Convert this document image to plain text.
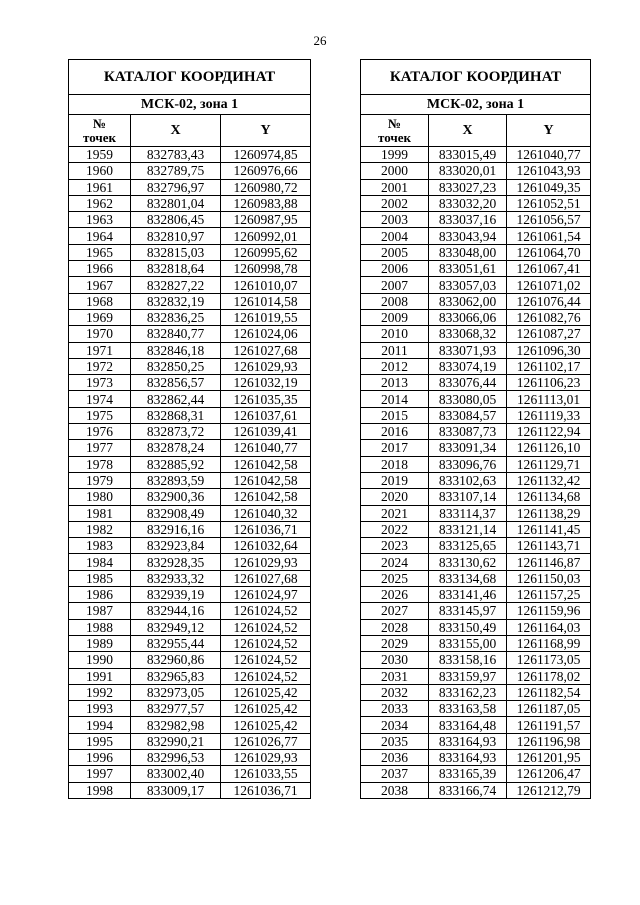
26
КАТАЛОГ КООРДИНАТ		
МСК-02, зона 1		

№
точек	X	Y
1959	832783,43	1260974,85
1960	832789,75	1260976,66
1961	832796,97	1260980,72
1962	832801,04	1260983,88
1963	832806,45	1260987,95
1964	832810,97	1260992,01
1965	832815,03	1260995,62
1966	832818,64	1260998,78
1967	832827,22	1261010,07
1968	832832,19	1261014,58
1969	832836,25	1261019,55
1970	832840,77	1261024,06
1971	832846,18	1261027,68
1972	832850,25	1261029,93
1973	832856,57	1261032,19
1974	832862,44	1261035,35
1975	832868,31	1261037,61
1976	832873,72	1261039,41
1977	832878,24	1261040,77
1978	832885,92	1261042,58
1979	832893,59	1261042,58
1980	832900,36	1261042,58
1981	832908,49	1261040,32
1982	832916,16	1261036,71
1983	832923,84	1261032,64
1984	832928,35	1261029,93
1985	832933,32	1261027,68
1986	832939,19	1261024,97
1987	832944,16	1261024,52
1988	832949,12	1261024,52
1989	832955,44	1261024,52
1990	832960,86	1261024,52
1991	832965,83	1261024,52
1992	832973,05	1261025,42
1993	832977,57	1261025,42
1994	832982,98	1261025,42
1995	832990,21	1261026,77
1996	832996,53	1261029,93
1997	833002,40	1261033,55
1998	833009,17	1261036,71
КАТАЛОГ КООРДИНАТ		
МСК-02, зона 1		

№
точек	X	Y
1999	833015,49	1261040,77
2000	833020,01	1261043,93
2001	833027,23	1261049,35
2002	833032,20	1261052,51
2003	833037,16	1261056,57
2004	833043,94	1261061,54
2005	833048,00	1261064,70
2006	833051,61	1261067,41
2007	833057,03	1261071,02
2008	833062,00	1261076,44
2009	833066,06	1261082,76
2010	833068,32	1261087,27
2011	833071,93	1261096,30
2012	833074,19	1261102,17
2013	833076,44	1261106,23
2014	833080,05	1261113,01
2015	833084,57	1261119,33
2016	833087,73	1261122,94
2017	833091,34	1261126,10
2018	833096,76	1261129,71
2019	833102,63	1261132,42
2020	833107,14	1261134,68
2021	833114,37	1261138,29
2022	833121,14	1261141,45
2023	833125,65	1261143,71
2024	833130,62	1261146,87
2025	833134,68	1261150,03
2026	833141,46	1261157,25
2027	833145,97	1261159,96
2028	833150,49	1261164,03
2029	833155,00	1261168,99
2030	833158,16	1261173,05
2031	833159,97	1261178,02
2032	833162,23	1261182,54
2033	833163,58	1261187,05
2034	833164,48	1261191,57
2035	833164,93	1261196,98
2036	833164,93	1261201,95
2037	833165,39	1261206,47
2038	833166,74	1261212,79
